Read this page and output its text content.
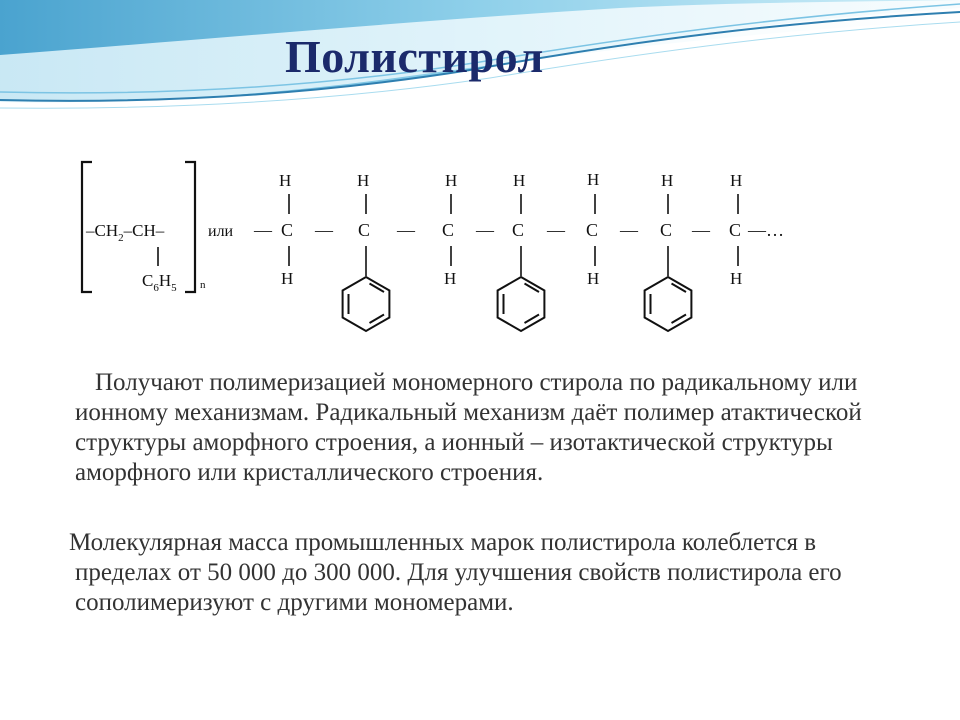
Полистирол
$-CH_2-CH-$
$C_6H_5$ n
или — C	C	C	C	C	C	C
—	—	—	—	—	— —…
H	H	H	H	H	H	H
H	H	H	H

Получают полимеризацией мономерного стирола по радикальному или ионному механизмам. Радикальный механизм даёт полимер атактической структуры аморфного строения, а ионный – изотактической структуры аморфного или кристаллического строения.

Молекулярная масса промышленных марок полистирола колеблется в пределах от 50 000 до 300 000. Для улучшения свойств полистирола его сополимеризуют с другими мономерами.
